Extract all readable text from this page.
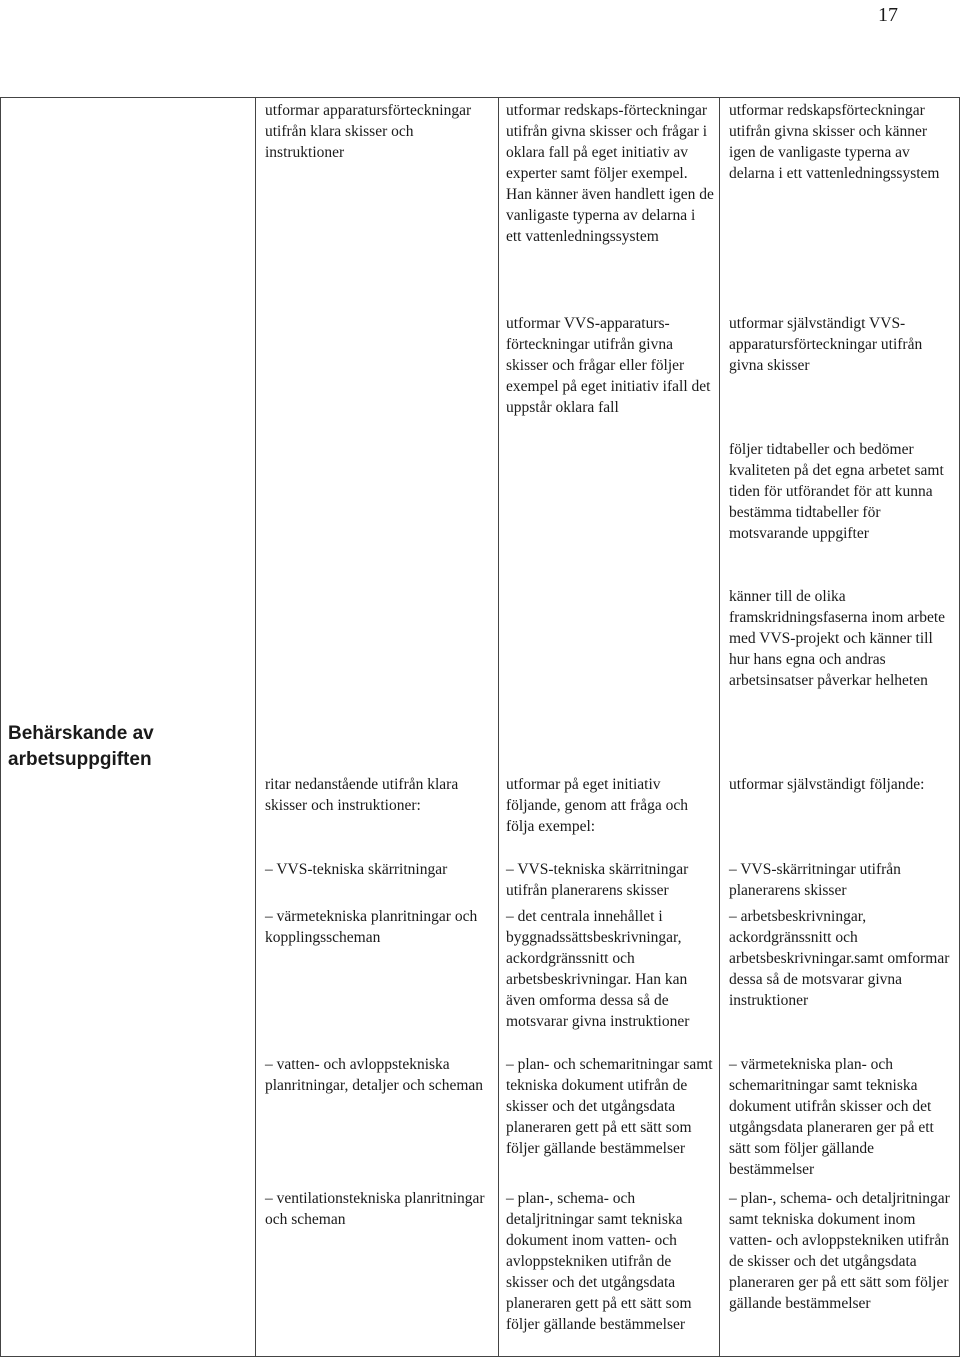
17
Behärskande av arbetsuppgiften
utformar apparatursförteckningar utifrån klara skisser och instruktioner
ritar nedanstående utifrån klara skisser och instruktioner:
– VVS-tekniska skärritningar
– värmetekniska planritningar och kopplingsscheman
– vatten- och avloppstekniska planritningar, detaljer och scheman
– ventilationstekniska planritningar och scheman
utformar redskaps-förteckningar utifrån givna skisser och frågar i oklara fall på eget initiativ av experter samt följer exempel. Han känner även handlett igen de vanligaste typerna av delarna i ett vattenledningssystem
utformar VVS-apparaturs-förteckningar utifrån givna skisser och frågar eller följer exempel på eget initiativ ifall det uppstår oklara fall
utformar på eget initiativ följande, genom att fråga och följa exempel:
– VVS-tekniska skärritningar utifrån planerarens skisser
– det centrala innehållet i byggnadssättsbeskrivningar, ackordgränssnitt och arbetsbeskrivningar. Han kan även omforma dessa så de motsvarar givna instruktioner
– plan- och schemaritningar samt tekniska dokument utifrån de skisser och det utgångsdata planeraren gett på ett sätt som följer gällande bestämmelser
– plan-, schema- och detaljritningar samt tekniska dokument inom vatten- och avloppstekniken utifrån de skisser och det utgångsdata planeraren gett på ett sätt som följer gällande bestämmelser
utformar redskapsförteckningar utifrån givna skisser och känner igen de vanligaste typerna av delarna i ett vattenledningssystem
utformar självständigt VVS-apparatursförteckningar utifrån givna skisser
följer tidtabeller och bedömer kvaliteten på det egna arbetet samt tiden för utförandet för att kunna bestämma tidtabeller för motsvarande uppgifter
känner till de olika framskridningsfaserna inom arbete med VVS-projekt och känner till hur hans egna och andras arbetsinsatser påverkar helheten
utformar självständigt följande:
– VVS-skärritningar utifrån planerarens skisser
– arbetsbeskrivningar, ackordgränssnitt och arbetsbeskrivningar.samt omformar dessa så de motsvarar givna instruktioner
– värmetekniska plan- och schemaritningar samt tekniska dokument utifrån skisser och det utgångsdata planeraren ger på ett sätt som följer gällande bestämmelser
– plan-, schema- och detaljritningar samt tekniska dokument inom vatten- och avloppstekniken utifrån de skisser och det utgångsdata planeraren ger på ett sätt som följer gällande bestämmelser
